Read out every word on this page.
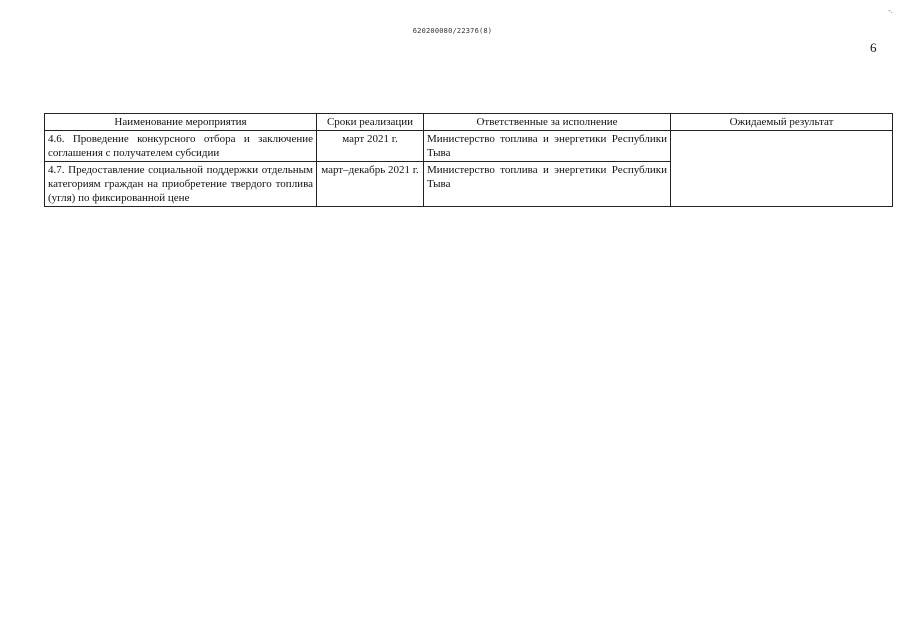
-.
620200080/22376(8)
6
Наименование мероприятия	Сроки реализации	Ответственные за исполнение	Ожидаемый результат
4.6. Проведение конкурсного отбора и заключение соглашения с получателем субсидии	март 2021 г.	Министерство топлива и энергетики Республики Тыва	
4.7. Предоставление социальной поддержки отдельным категориям граждан на приобретение твердого топлива (угля) по фиксированной цене	март–декабрь 2021 г.	Министерство топлива и энергетики Республики Тыва	
